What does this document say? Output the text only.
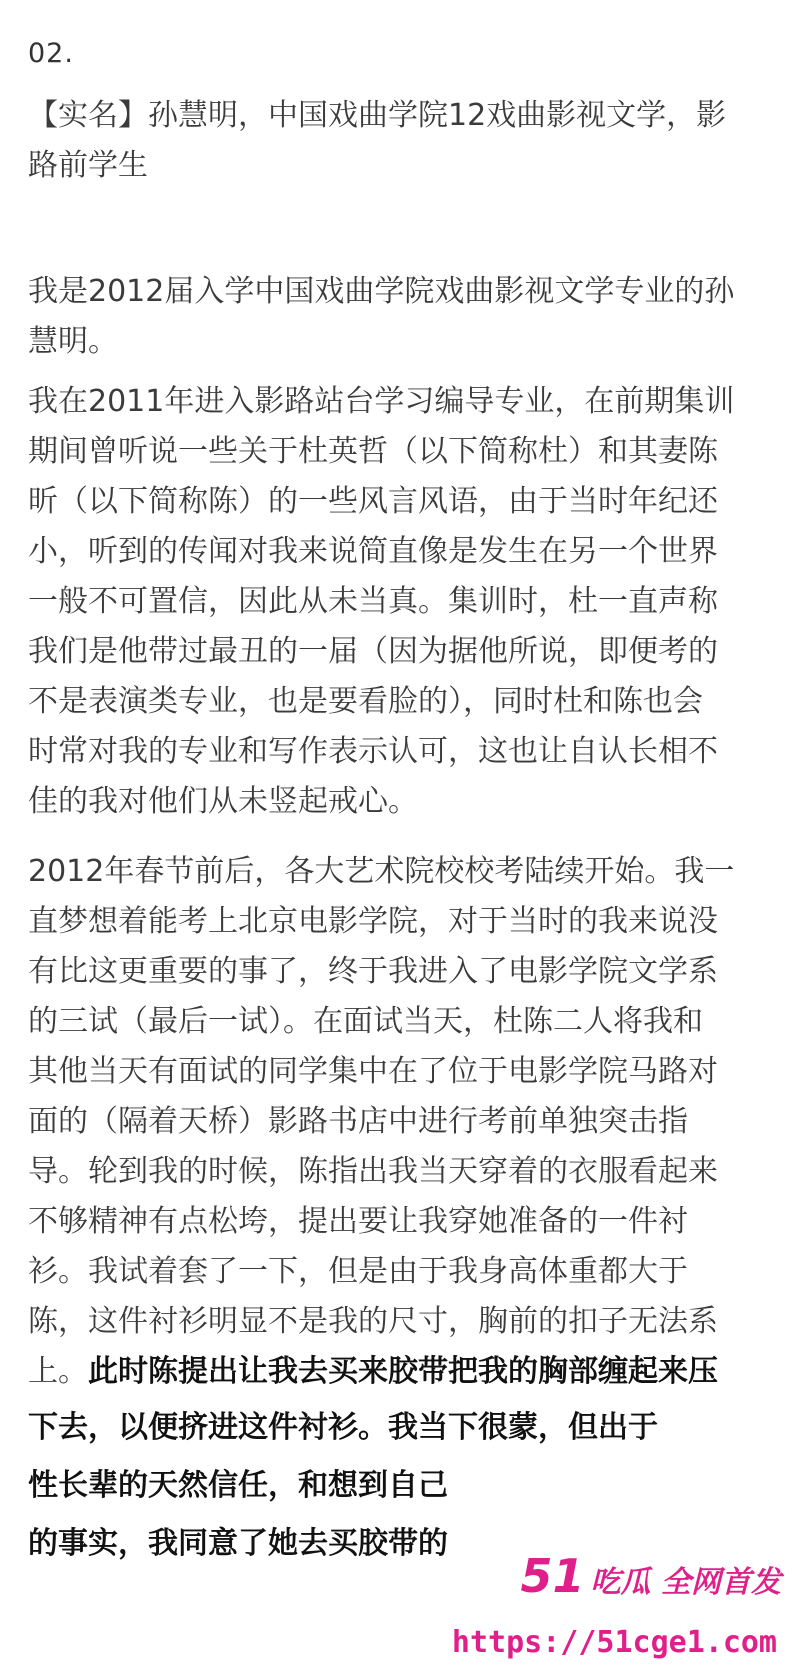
02.
【实名】孙慧明，中国戏曲学院12戏曲影视文学，影
路前学生
我是2012届入学中国戏曲学院戏曲影视文学专业的孙
慧明。
我在2011年进入影路站台学习编导专业，在前期集训
期间曾听说一些关于杜英哲（以下简称杜）和其妻陈
昕（以下简称陈）的一些风言风语，由于当时年纪还
小，听到的传闻对我来说简直像是发生在另一个世界
一般不可置信，因此从未当真。集训时，杜一直声称
我们是他带过最丑的一届（因为据他所说，即便考的
不是表演类专业，也是要看脸的），同时杜和陈也会
时常对我的专业和写作表示认可，这也让自认长相不
佳的我对他们从未竖起戒心。
2012年春节前后，各大艺术院校校考陆续开始。我一
直梦想着能考上北京电影学院，对于当时的我来说没
有比这更重要的事了，终于我进入了电影学院文学系
的三试（最后一试）。在面试当天，杜陈二人将我和
其他当天有面试的同学集中在了位于电影学院马路对
面的（隔着天桥）影路书店中进行考前单独突击指
导。轮到我的时候，陈指出我当天穿着的衣服看起来
不够精神有点松垮，提出要让我穿她准备的一件衬
衫。我试着套了一下，但是由于我身高体重都大于
陈，这件衬衫明显不是我的尺寸，胸前的扣子无法系
上。此时陈提出让我去买来胶带把我的胸部缠起来压
下去，以便挤进这件衬衫。我当下很蒙，但出于
性长辈的天然信任，和想到自己
的事实，我同意了她去买胶带的
51 吃瓜 全网首发
https://51cge1.com
